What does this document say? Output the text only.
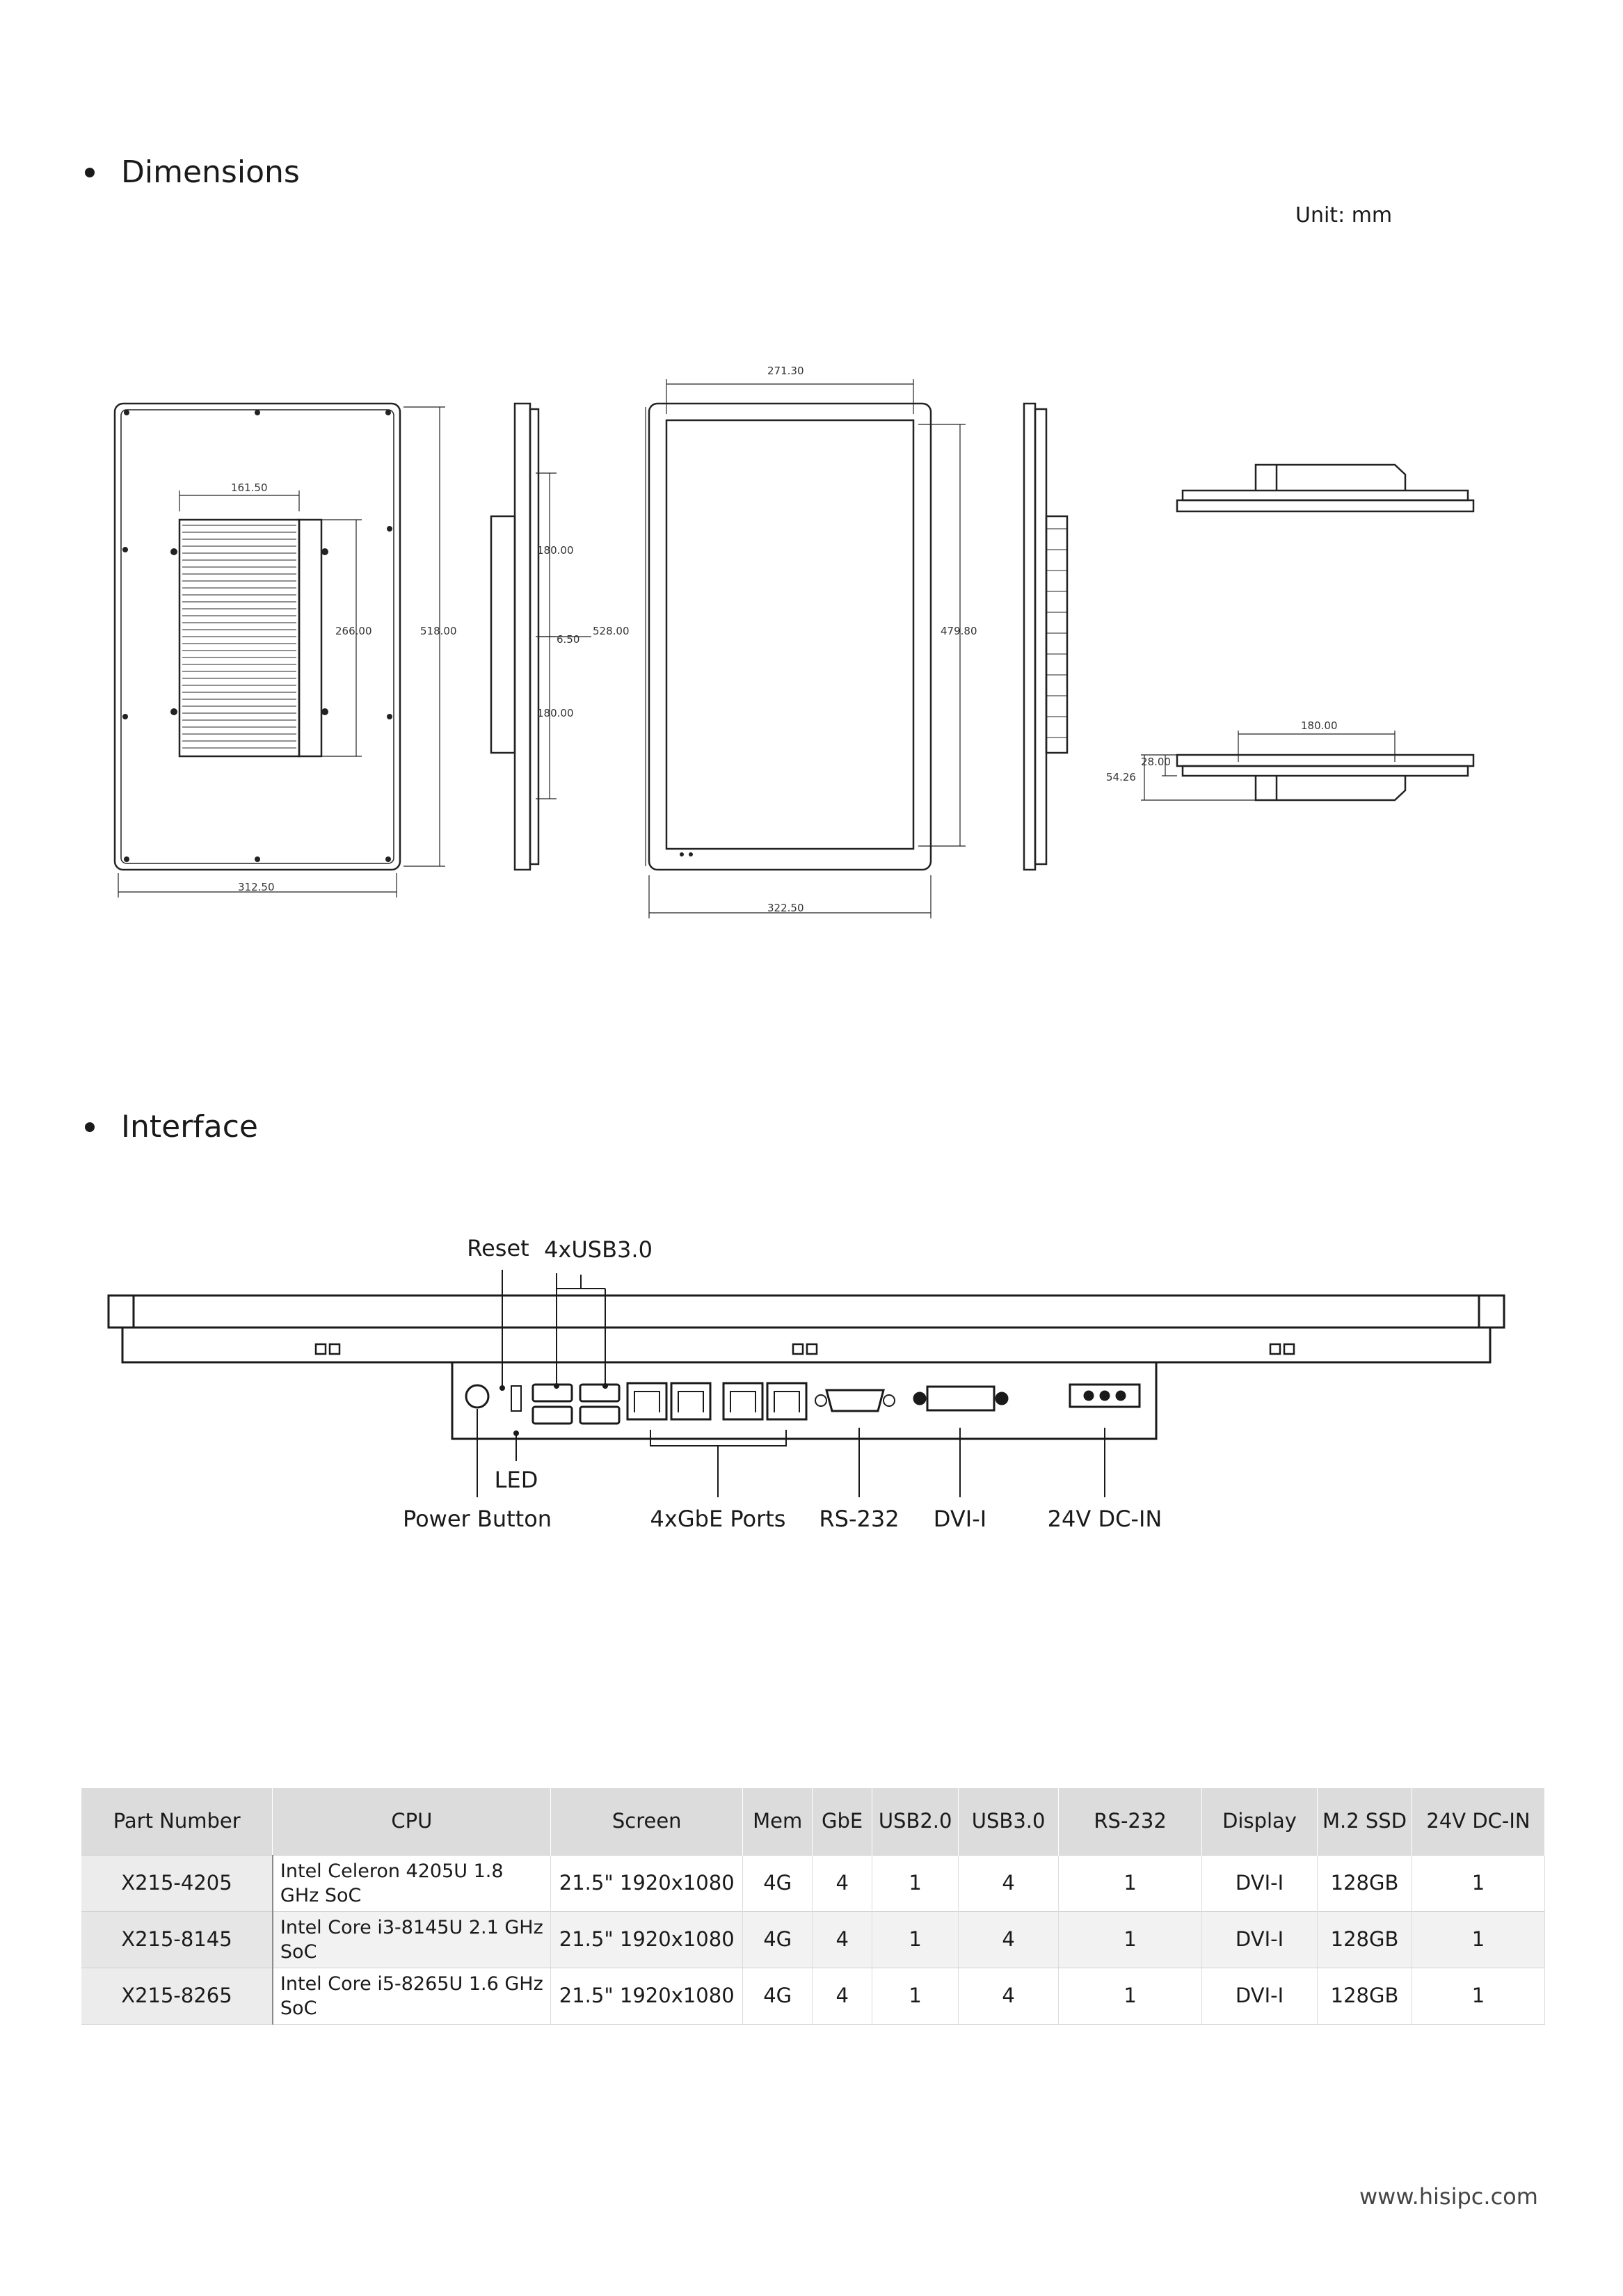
Dimensions
Unit: mm
161.50
266.00	518.00
312.50
180.00
6.50
180.00
528.00
271.30
479.80
322.50
180.00
54.26
28.00
Interface
Reset 4xUSB3.0
LED
Power Button	4xGbE Ports RS-232 DVI-I	24V DC-IN
Part Number	CPU	Screen	Mem	GbE	USB2.0	USB3.0	RS-232	Display	M.2 SSD	24V DC-IN
X215-4205	Intel Celeron 4205U 1.8 GHz SoC	21.5" 1920x1080	4G	4	1	4	1	DVI-I	128GB	1
X215-8145	Intel Core i3-8145U 2.1 GHz SoC	21.5" 1920x1080	4G	4	1	4	1	DVI-I	128GB	1
X215-8265	Intel Core i5-8265U 1.6 GHz SoC	21.5" 1920x1080	4G	4	1	4	1	DVI-I	128GB	1
www.hisipc.com
